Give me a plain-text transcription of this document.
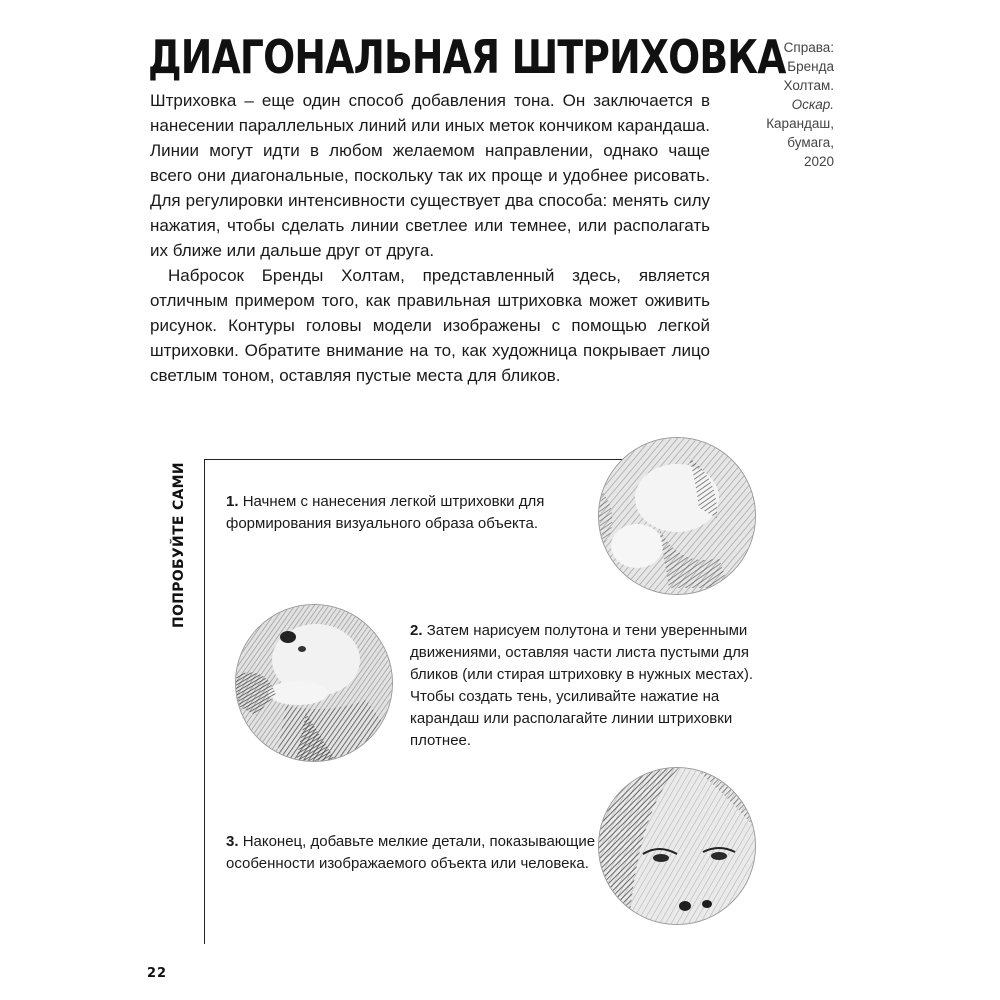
ДИАГОНАЛЬНАЯ ШТРИХОВКА
Справа:
Бренда
Холтам.
Оскар.
Карандаш,
бумага,
2020

Штриховка – еще один способ добавления тона. Он заключается в нанесении параллельных линий или иных меток кончиком карандаша. Линии могут идти в любом желаемом направлении, однако чаще всего они диагональные, поскольку так их проще и удобнее рисовать. Для регулировки интенсивности существует два способа: менять силу нажатия, чтобы сделать линии светлее или темнее, или располагать их ближе или дальше друг от друга.

Набросок Бренды Холтам, представленный здесь, является отличным примером того, как правильная штриховка может оживить рисунок. Контуры головы модели изображены с помощью легкой штриховки. Обратите внимание на то, как художница покрывает лицо светлым тоном, оставляя пустые места для бликов.

ПОПРОБУЙТЕ САМИ	1. Начнем с нанесения легкой штриховки для формирования визуального образа объекта.
2. Затем нарисуем полутона и тени уверенными движениями, оставляя части листа пустыми для бликов (или стирая штриховку в нужных местах). Чтобы создать тень, усиливайте нажатие на карандаш или располагайте линии штриховки плотнее.
3. Наконец, добавьте мелкие детали, показывающие особенности изображаемого объекта или человека.
22
